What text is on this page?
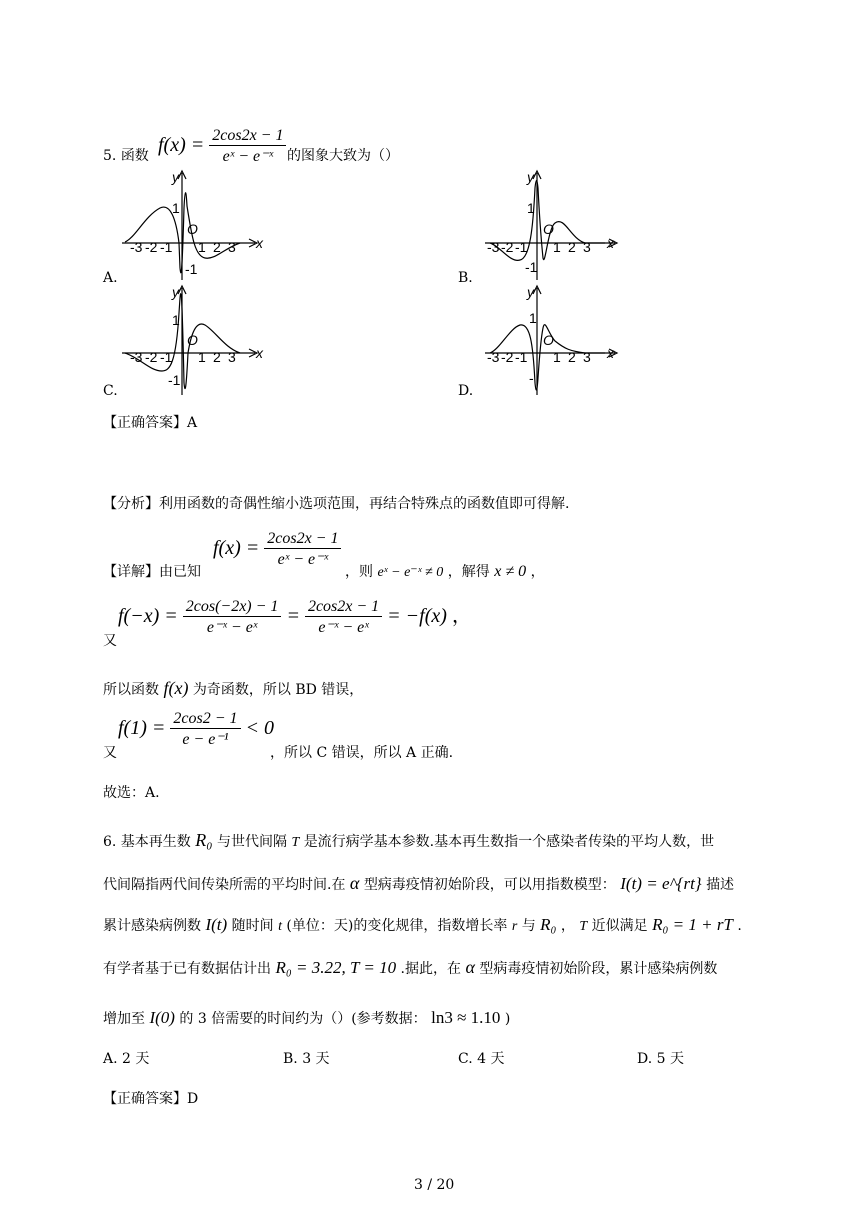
5. 函数 $f(x) = \frac{2\cos 2x - 1}{\text{eˣ − e⁻ˣ}}$ 的图象大致为（）
-3 -2 -1 1 2 3 x
y
1
-1
O
A.
-3 -2 -1 1 2 3 x
y
1
-1
O
B.
-3 -2 -1 1 2 3 x
y
1
-1
O
C.
-3 -2 -1 1 2 3 x
y
1
-
O
D.
【正确答案】A
【分析】利用函数的奇偶性缩小选项范围，再结合特殊点的函数值即可得解.
【详解】由已知
$f(x) = \frac{2\cos 2x - 1}{\text{eˣ − e⁻ˣ}}$
，则 eˣ − e⁻ˣ ≠ 0 ，解得 x ≠ 0 ，
又
$f(-x) = \frac{2\cos(-2x) - 1}{\text{e⁻ˣ − eˣ}} = \frac{2\cos 2x - 1}{\text{e⁻ˣ − eˣ}} = -f(x)$ ，
所以函数 f(x) 为奇函数，所以 BD 错误，
又
$f(1) = \frac{2\cos 2 - 1}{\text{e − e⁻¹}} < 0$
，所以 C 错误，所以 A 正确.
故选：A.
6. 基本再生数 R₀ 与世代间隔 T 是流行病学基本参数.基本再生数指一个感染者传染的平均人数，世
代间隔指两代间传染所需的平均时间.在 α 型病毒疫情初始阶段，可以用指数模型： I(t) = e^{rt} 描述
累计感染病例数 I(t) 随时间 t (单位：天)的变化规律，指数增长率 r 与 R₀ ， T 近似满足 R₀ = 1 + rT .
有学者基于已有数据估计出 R₀ = 3.22, T = 10 .据此，在 α 型病毒疫情初始阶段，累计感染病例数
增加至 I(0) 的 3 倍需要的时间约为（）(参考数据： ln3 ≈ 1.10 )
A. 2 天	B. 3 天	C. 4 天	D. 5 天
【正确答案】D
3 / 20
